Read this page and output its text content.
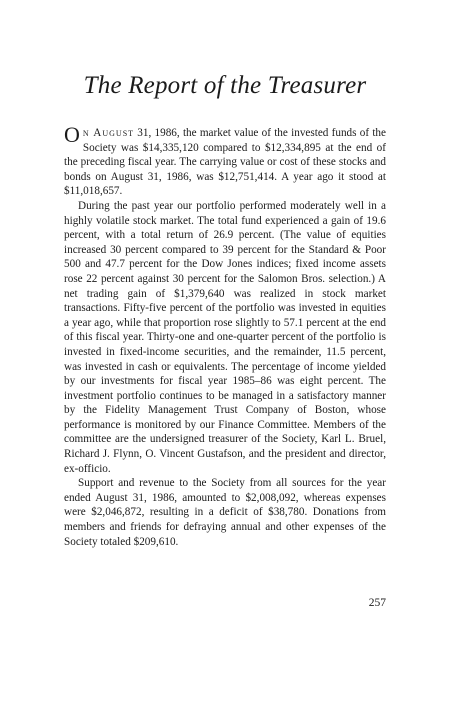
The Report of the Treasurer

On August 31, 1986, the market value of the invested funds of the Society was $14,335,120 compared to $12,334,895 at the end of the preceding fiscal year. The carrying value or cost of these stocks and bonds on August 31, 1986, was $12,751,414. A year ago it stood at $11,018,657.

During the past year our portfolio performed moderately well in a highly volatile stock market. The total fund experienced a gain of 19.6 percent, with a total return of 26.9 percent. (The value of equities increased 30 percent compared to 39 percent for the Standard & Poor 500 and 47.7 percent for the Dow Jones indices; fixed income assets rose 22 percent against 30 percent for the Salomon Bros. selection.) A net trading gain of $1,379,640 was realized in stock market transactions. Fifty-five percent of the portfolio was invested in equities a year ago, while that proportion rose slightly to 57.1 percent at the end of this fiscal year. Thirty-one and one-quarter percent of the portfolio is invested in fixed-income securities, and the remainder, 11.5 percent, was invested in cash or equivalents. The percentage of income yielded by our investments for fiscal year 1985–86 was eight percent. The investment portfolio continues to be managed in a satisfactory manner by the Fidelity Management Trust Company of Boston, whose performance is monitored by our Finance Committee. Members of the committee are the undersigned treasurer of the Society, Karl L. Bruel, Richard J. Flynn, O. Vincent Gustafson, and the president and director, ex-officio.

Support and revenue to the Society from all sources for the year ended August 31, 1986, amounted to $2,008,092, whereas expenses were $2,046,872, resulting in a deficit of $38,780. Donations from members and friends for defraying annual and other expenses of the Society totaled $209,610.

257
